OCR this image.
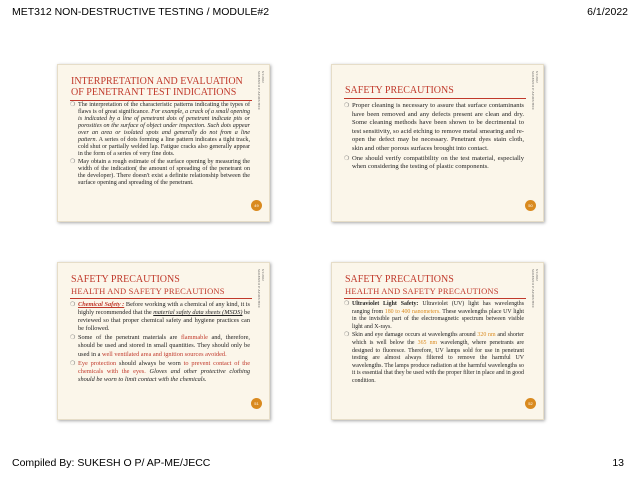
MET312 NON-DESTRUCTIVE TESTING / MODULE#2	6/1/2022
INTERPRETATION AND EVALUATION OF PENETRANT TEST INDICATIONS
❍ The interpretation of the characteristic patterns indicating the types of flaws is of great significance. For example, a crack of a small opening is indicated by a line of penetrant dots of penetrant indicate pits or porosities on the surface of object under inspection. Such dots appear over an area or isolated spots and generally do not from a line pattern. A series of dots forming a line pattern indicates a tight track, cold shut or partially welded lap. Fatigue cracks also generally appear in the form of a series of very fine dots.
❍ May obtain a rough estimate of the surface opening by measuring the width of the indication( the amount of spreading of the penetrant on the developer). There doesn't exist a definite relationship between the surface opening and spreading of the penetrant.
6/1/2022
SUKESH O P/ AP-ME/JECC
49
SAFETY PRECAUTIONS
❍ Proper cleaning is necessary to assure that surface contaminants have been removed and any defects present are clean and dry. Some cleaning methods have been shown to be decrimental to test sensitivity, so acid etching to remove metal smearing and re-open the defect may be necessary. Penetrant dyes stain cloth, skin and other porous surfaces brought into contact.
❍ One should verify compatibility on the test material, especially when considering the testing of plastic components.
6/1/2022
SUKESH O P/ AP-ME/JECC
50
SAFETY PRECAUTIONS
HEALTH AND SAFETY PRECAUTIONS
❍ Chemical Safety : Before working with a chemical of any kind, it is highly recommended that the material safety data sheets (MSDS) be reviewed so that proper chemical safety and hygiene practices can be followed.
❍ Some of the penetrant materials are flammable and, therefore, should be used and stored in small quantities. They should only be used in a well ventilated area and ignition sources avoided.
❍ Eye protection should always be worn to prevent contact of the chemicals with the eyes. Gloves and other protective clothing should be worn to limit contact with the chemicals.
6/1/2022
SUKESH O P/ AP-ME/JECC
51
SAFETY PRECAUTIONS
HEALTH AND SAFETY PRECAUTIONS
❍ Ultraviolet Light Safety: Ultraviolet (UV) light has wavelengths ranging from 180 to 400 nanometers. These wavelengths place UV light in the invisible part of the electromagnetic spectrum between visible light and X-rays.
❍ Skin and eye damage occurs at wavelengths around 320 nm and shorter which is well below the 365 nm wavelength, where penetrants are designed to fluoresce. Therefore, UV lamps sold for use in penetrant testing are almost always filtered to remove the harmful UV wavelengths. The lamps produce radiation at the harmful wavelengths so it is essential that they be used with the proper filter in place and in good condition.
6/1/2022
SUKESH O P/ AP-ME/JECC
52
Compiled By: SUKESH O P/ AP-ME/JECC	13
